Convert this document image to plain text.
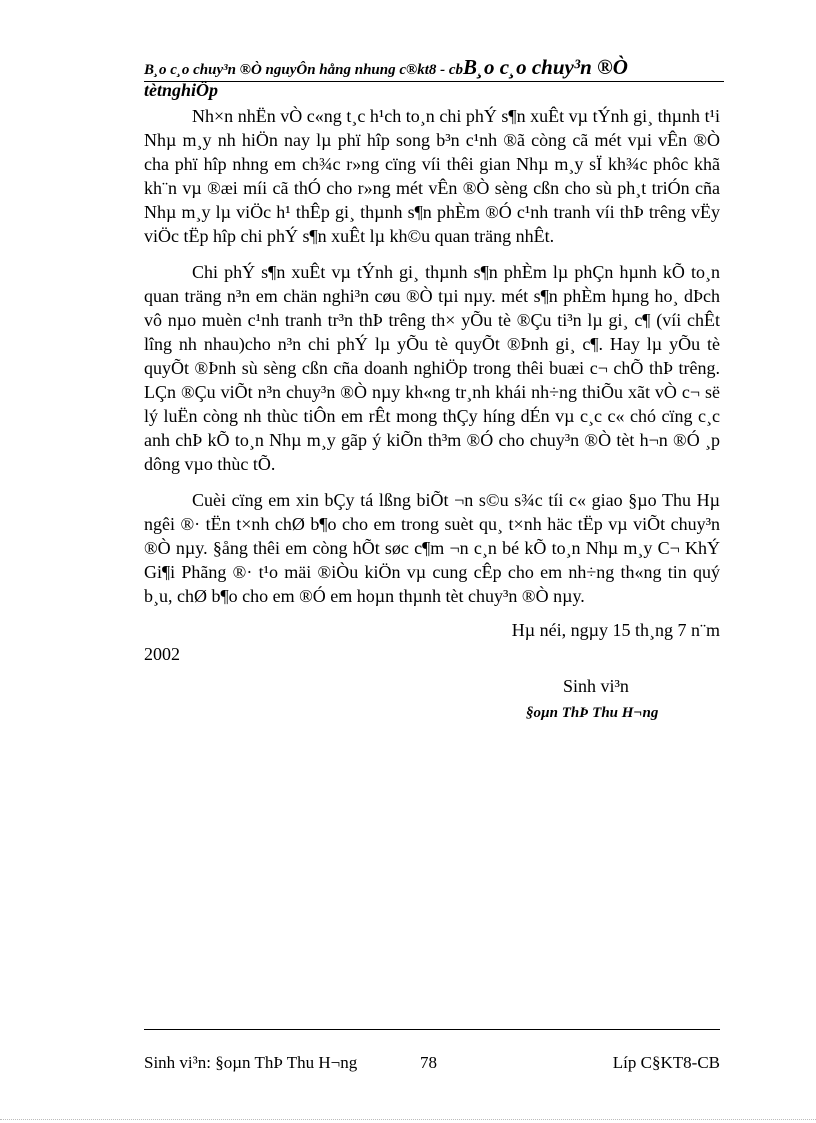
B¸o c¸o chuy³n ®Ò nguyÔn hång nhung c®kt8 - cbB¸o c¸o chuy³n ®Ò
tètnghiÖp

Nh×n nhËn vÒ c«ng t¸c h¹ch to¸n chi phÝ s¶n xuÊt vµ tÝnh gi¸ thµnh t¹i Nhµ m¸y nh hiÖn nay lµ phï hîp song b³n c¹nh ®ã còng cã mét vµi vÊn ®Ò cha phï hîp nhng em ch¾c r»ng cïng víi thêi gian Nhµ m¸y sÏ kh¾c phôc khã kh¨n vµ ®æi míi cã thÓ cho r»ng mét vÊn ®Ò sèng cßn cho sù ph¸t triÓn cña Nhµ m¸y lµ viÖc h¹ thÊp gi¸ thµnh s¶n phÈm ®Ó c¹nh tranh víi thÞ trêng vËy viÖc tËp hîp chi phÝ s¶n xuÊt lµ kh©u quan träng nhÊt.

Chi phÝ s¶n xuÊt vµ tÝnh gi¸ thµnh s¶n phÈm lµ phÇn hµnh kÕ to¸n quan träng n³n em chän nghi³n cøu ®Ò tµi nµy. mét s¶n phÈm hµng ho¸ dÞch vô nµo muèn c¹nh tranh tr³n thÞ trêng th× yÕu tè ®Çu ti³n lµ gi¸ c¶ (víi chÊt lîng nh nhau)cho n³n chi phÝ lµ yÕu tè quyÕt ®Þnh gi¸ c¶. Hay lµ yÕu tè quyÕt ®Þnh sù sèng cßn cña doanh nghiÖp trong thêi buæi c¬ chÕ thÞ trêng. LÇn ®Çu viÕt n³n chuy³n ®Ò nµy kh«ng tr¸nh khái nh÷ng thiÕu xãt vÒ c¬ së lý luËn còng nh thùc tiÔn em rÊt mong thÇy híng dÉn vµ c¸c c« chó cïng c¸c anh chÞ kÕ to¸n Nhµ m¸y gãp ý kiÕn th³m ®Ó cho chuy³n ®Ò tèt h¬n ®Ó ¸p dông vµo thùc tÕ.

Cuèi cïng em xin bÇy tá lßng biÕt ¬n s©u s¾c tíi c« giao §µo Thu Hµ ngêi ®· tËn t×nh chØ b¶o cho em trong suèt qu¸ t×nh häc tËp vµ viÕt chuy³n ®Ò nµy. §ång thêi em còng hÕt søc c¶m ¬n c¸n bé kÕ to¸n Nhµ m¸y C¬ KhÝ Gi¶i Phãng ®· t¹o mäi ®iÒu kiÖn vµ cung cÊp cho em nh÷ng th«ng tin quý b¸u, chØ b¶o cho em ®Ó em hoµn thµnh tèt chuy³n ®Ò nµy.

Hµ néi, ngµy 15 th¸ng 7 n¨m
2002
Sinh vi³n
§oµn ThÞ Thu H¬ng
Sinh vi³n: §oµn ThÞ Thu H¬ng	78	Líp C§KT8-CB
